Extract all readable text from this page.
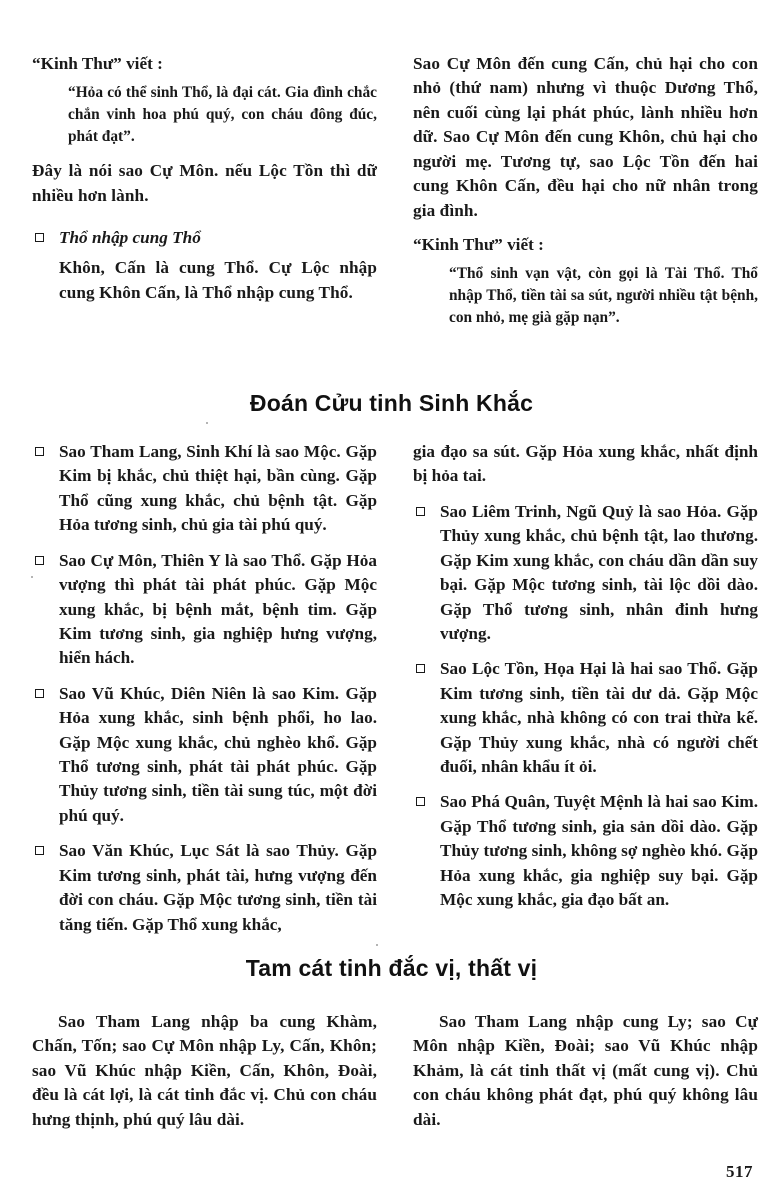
“Kinh Thư” viết :
“Hỏa có thể sinh Thổ, là đại cát. Gia đình chắc chắn vinh hoa phú quý, con cháu đông đúc, phát đạt”.

Đây là nói sao Cự Môn. nếu Lộc Tồn thì dữ nhiều hơn lành.

Thổ nhập cung Thổ

Khôn, Cấn là cung Thổ. Cự Lộc nhập cung Khôn Cấn, là Thổ nhập cung Thổ.

Sao Cự Môn đến cung Cấn, chủ hại cho con nhỏ (thứ nam) nhưng vì thuộc Dương Thổ, nên cuối cùng lại phát phúc, lành nhiều hơn dữ. Sao Cự Môn đến cung Khôn, chủ hại cho người mẹ. Tương tự, sao Lộc Tồn đến hai cung Khôn Cấn, đều hại cho nữ nhân trong gia đình.

“Kinh Thư” viết :
“Thổ sinh vạn vật, còn gọi là Tài Thổ. Thổ nhập Thổ, tiền tài sa sút, người nhiều tật bệnh, con nhỏ, mẹ già gặp nạn”.
Đoán Cửu tinh Sinh Khắc
Sao Tham Lang, Sinh Khí là sao Mộc. Gặp Kim bị khắc, chủ thiệt hại, bần cùng. Gặp Thổ cũng xung khắc, chủ bệnh tật. Gặp Hỏa tương sinh, chủ gia tài phú quý.
Sao Cự Môn, Thiên Y là sao Thổ. Gặp Hỏa vượng thì phát tài phát phúc. Gặp Mộc xung khắc, bị bệnh mắt, bệnh tim. Gặp Kim tương sinh, gia nghiệp hưng vượng, hiển hách.
Sao Vũ Khúc, Diên Niên là sao Kim. Gặp Hỏa xung khắc, sinh bệnh phổi, ho lao. Gặp Mộc xung khắc, chủ nghèo khổ. Gặp Thổ tương sinh, phát tài phát phúc. Gặp Thủy tương sinh, tiền tài sung túc, một đời phú quý.
Sao Văn Khúc, Lục Sát là sao Thủy. Gặp Kim tương sinh, phát tài, hưng vượng đến đời con cháu. Gặp Mộc tương sinh, tiền tài tăng tiến. Gặp Thổ xung khắc,
gia đạo sa sút. Gặp Hỏa xung khắc, nhất định bị hỏa tai.
Sao Liêm Trinh, Ngũ Quỷ là sao Hỏa. Gặp Thủy xung khắc, chủ bệnh tật, lao thương. Gặp Kim xung khắc, con cháu dần dần suy bại. Gặp Mộc tương sinh, tài lộc dồi dào. Gặp Thổ tương sinh, nhân đinh hưng vượng.
Sao Lộc Tồn, Họa Hại là hai sao Thổ. Gặp Kim tương sinh, tiền tài dư dả. Gặp Mộc xung khắc, nhà không có con trai thừa kế. Gặp Thủy xung khắc, nhà có người chết đuối, nhân khẩu ít ỏi.
Sao Phá Quân, Tuyệt Mệnh là hai sao Kim. Gặp Thổ tương sinh, gia sản dồi dào. Gặp Thủy tương sinh, không sợ nghèo khó. Gặp Hỏa xung khắc, gia nghiệp suy bại. Gặp Mộc xung khắc, gia đạo bất an.
Tam cát tinh đắc vị, thất vị

Sao Tham Lang nhập ba cung Khàm, Chấn, Tốn; sao Cự Môn nhập Ly, Cấn, Khôn; sao Vũ Khúc nhập Kiền, Cấn, Khôn, Đoài, đều là cát lợi, là cát tinh đắc vị. Chủ con cháu hưng thịnh, phú quý lâu dài.

Sao Tham Lang nhập cung Ly; sao Cự Môn nhập Kiền, Đoài; sao Vũ Khúc nhập Khảm, là cát tinh thất vị (mất cung vị). Chủ con cháu không phát đạt, phú quý không lâu dài.

517
